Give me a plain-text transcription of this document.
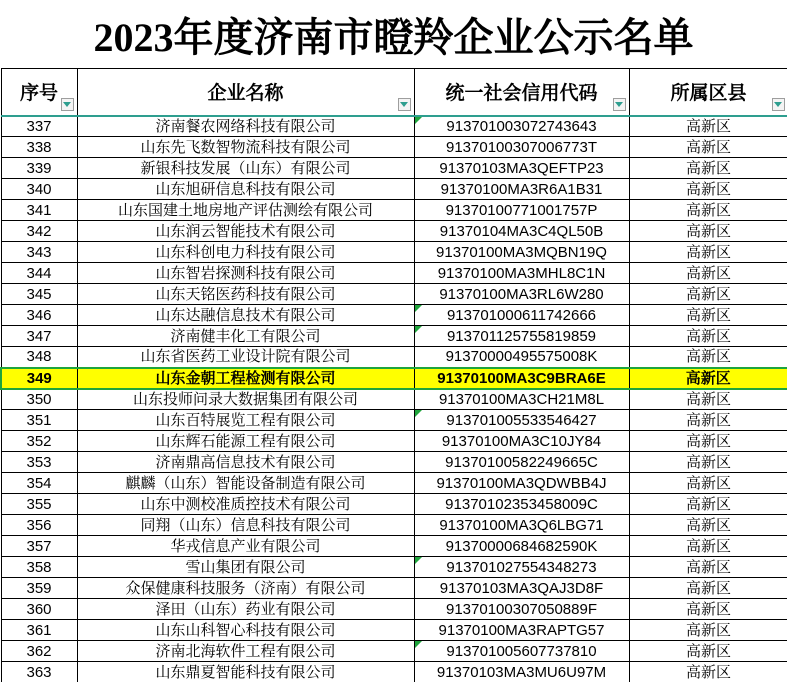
2023年度济南市瞪羚企业公示名单
序号	企业名称	统一社会信用代码	所属区县

337	济南餐农网络科技有限公司	913701003072743643	高新区
338	山东先飞数智物流科技有限公司	91370100307006773T	高新区
339	新银科技发展（山东）有限公司	91370103MA3QEFTP23	高新区
340	山东旭研信息科技有限公司	91370100MA3R6A1B31	高新区
341	山东国建土地房地产评估测绘有限公司	91370100771001757P	高新区
342	山东润云智能技术有限公司	91370104MA3C4QL50B	高新区
343	山东科创电力科技有限公司	91370100MA3MQBN19Q	高新区
344	山东智岩探测科技有限公司	91370100MA3MHL8C1N	高新区
345	山东天铭医药科技有限公司	91370100MA3RL6W280	高新区
346	山东达融信息技术有限公司	913701000611742666	高新区
347	济南健丰化工有限公司	913701125755819859	高新区
348	山东省医药工业设计院有限公司	91370000495575008K	高新区
349	山东金朝工程检测有限公司	91370100MA3C9BRA6E	高新区
350	山东投师问录大数据集团有限公司	91370100MA3CH21M8L	高新区
351	山东百特展览工程有限公司	913701005533546427	高新区
352	山东辉石能源工程有限公司	91370100MA3C10JY84	高新区
353	济南鼎高信息技术有限公司	91370100582249665C	高新区
354	麒麟（山东）智能设备制造有限公司	91370100MA3QDWBB4J	高新区
355	山东中测校准质控技术有限公司	91370102353458009C	高新区
356	同翔（山东）信息科技有限公司	91370100MA3Q6LBG71	高新区
357	华戎信息产业有限公司	91370000684682590K	高新区
358	雪山集团有限公司	913701027554348273	高新区
359	众保健康科技服务（济南）有限公司	91370103MA3QAJ3D8F	高新区
360	泽田（山东）药业有限公司	91370100307050889F	高新区
361	山东山科智心科技有限公司	91370100MA3RAPTG57	高新区
362	济南北海软件工程有限公司	913701005607737810	高新区
363	山东鼎夏智能科技有限公司	91370103MA3MU6U97M	高新区
